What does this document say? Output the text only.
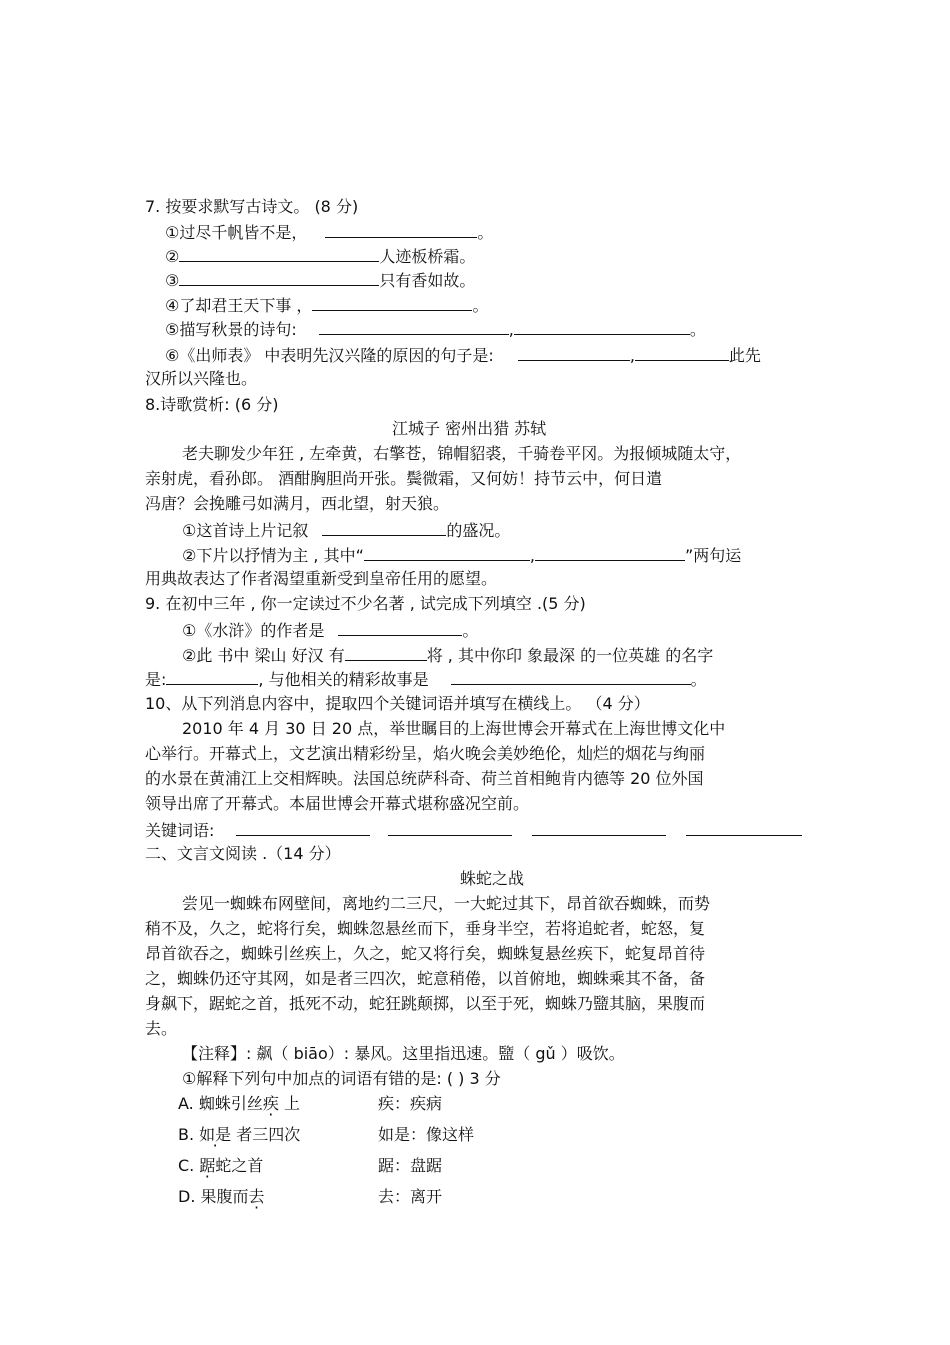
7. 按要求默写古诗文。 (8 分)
①过尽千帆皆不是，	。
②	人迹板桥霜。
③	只有香如故。
④了却君王天下事 ，	。
⑤描写秋景的诗句:	,	。
⑥《出师表》 中表明先汉兴隆的原因的句子是:	,	此先
汉所以兴隆也。
8.诗歌赏析: (6 分)
江城子 密州出猎 苏轼
老夫聊发少年狂 , 左牵黄，右擎苍，锦帽貂裘，千骑卷平冈。为报倾城随太守，
亲射虎，看孙郎。 酒酣胸胆尚开张。鬓微霜，又何妨！持节云中，何日遣
冯唐？会挽雕弓如满月，西北望，射天狼。
①这首诗上片记叙	的盛况。
②下片以抒情为主 , 其中“	,	”两句运
用典故表达了作者渴望重新受到皇帝任用的愿望。
9. 在初中三年 , 你一定读过不少名著 , 试完成下列填空 .(5 分)
①《水浒》的作者是	。
②此 书中 梁山 好汉 有	将 , 其中你印 象最深 的一位英雄 的名字
是:	, 与他相关的精彩故事是	。
10、从下列消息内容中，提取四个关键词语并填写在横线上。 （4 分）
2010 年 4 月 30 日 20 点，举世瞩目的上海世博会开幕式在上海世博文化中
心举行。开幕式上，文艺演出精彩纷呈，焰火晚会美妙绝伦，灿烂的烟花与绚丽
的水景在黄浦江上交相辉映。法国总统萨科奇、荷兰首相鲍肯内德等 20 位外国
领导出席了开幕式。本届世博会开幕式堪称盛况空前。
关键词语:
二、文言文阅读 .（14 分）
蛛蛇之战
尝见一蜘蛛布网壁间，离地约二三尺，一大蛇过其下，昂首欲吞蜘蛛，而势
稍不及，久之，蛇将行矣，蜘蛛忽悬丝而下，垂身半空，若将追蛇者，蛇怒，复
昂首欲吞之，蜘蛛引丝疾上，久之，蛇又将行矣，蜘蛛复悬丝疾下，蛇复昂首待
之，蜘蛛仍还守其网，如是者三四次，蛇意稍倦，以首俯地，蜘蛛乘其不备，备
身飙下，踞蛇之首，抵死不动，蛇狂跳颠掷，以至于死，蜘蛛乃盬其脑，果腹而
去。
【注释】: 飙（ biāo）: 暴风。这里指迅速。盬（ gǔ ）吸饮。
①解释下列句中加点的词语有错的是: ( ) 3 分
A. 蜘蛛引丝疾 上	疾：疾病
B. 如是 者三四次	如是：像这样
C. 踞蛇之首	踞：盘踞
D. 果腹而去	去：离开
